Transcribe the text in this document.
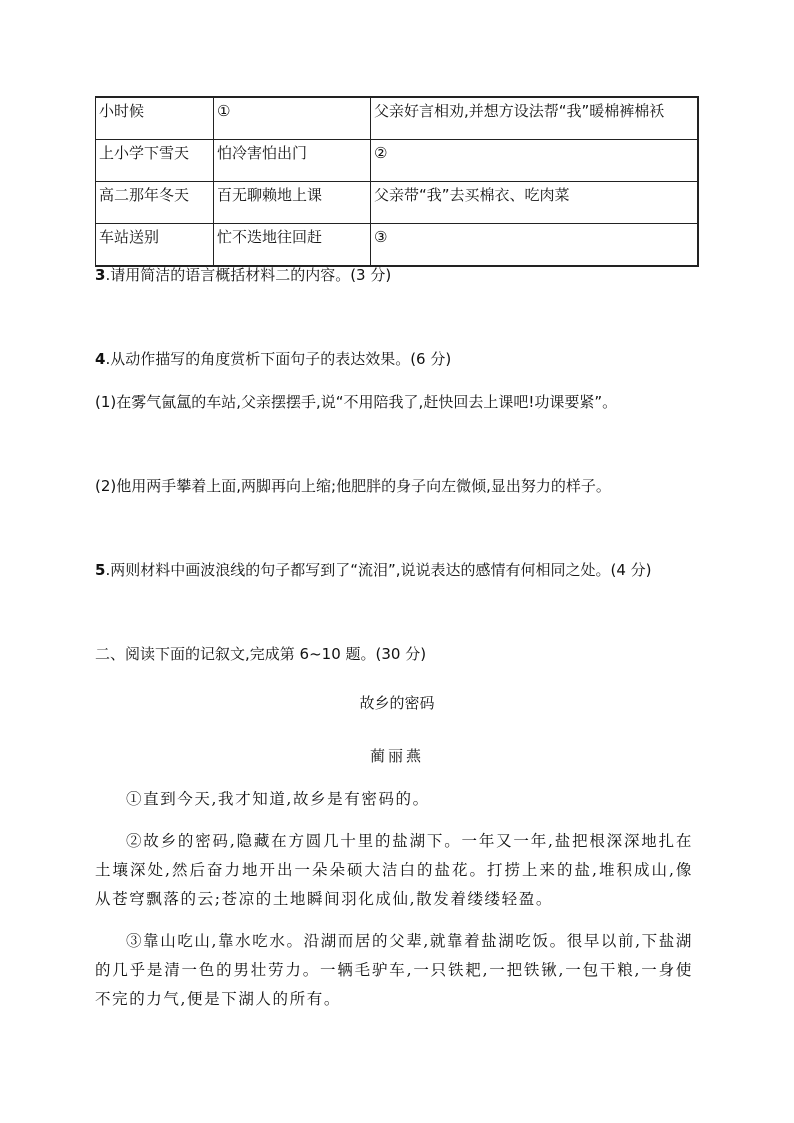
小时候	①	父亲好言相劝,并想方设法帮“我”暖棉裤棉袄
上小学下雪天	怕冷害怕出门	②
高二那年冬天	百无聊赖地上课	父亲带“我”去买棉衣、吃肉菜
车站送别	忙不迭地往回赶	③
3.请用简洁的语言概括材料二的内容。(3 分)
4.从动作描写的角度赏析下面句子的表达效果。(6 分)
(1)在雾气氤氲的车站,父亲摆摆手,说“不用陪我了,赶快回去上课吧!功课要紧”。
(2)他用两手攀着上面,两脚再向上缩;他肥胖的身子向左微倾,显出努力的样子。
5.两则材料中画波浪线的句子都写到了“流泪”,说说表达的感情有何相同之处。(4 分)
二、阅读下面的记叙文,完成第 6~10 题。(30 分)
故乡的密码
蔺丽燕

①直到今天,我才知道,故乡是有密码的。

②故乡的密码,隐藏在方圆几十里的盐湖下。一年又一年,盐把根深深地扎在土壤深处,然后奋力地开出一朵朵硕大洁白的盐花。打捞上来的盐,堆积成山,像从苍穹飘落的云;苍凉的土地瞬间羽化成仙,散发着缕缕轻盈。

③靠山吃山,靠水吃水。沿湖而居的父辈,就靠着盐湖吃饭。很早以前,下盐湖的几乎是清一色的男壮劳力。一辆毛驴车,一只铁耙,一把铁锹,一包干粮,一身使不完的力气,便是下湖人的所有。
